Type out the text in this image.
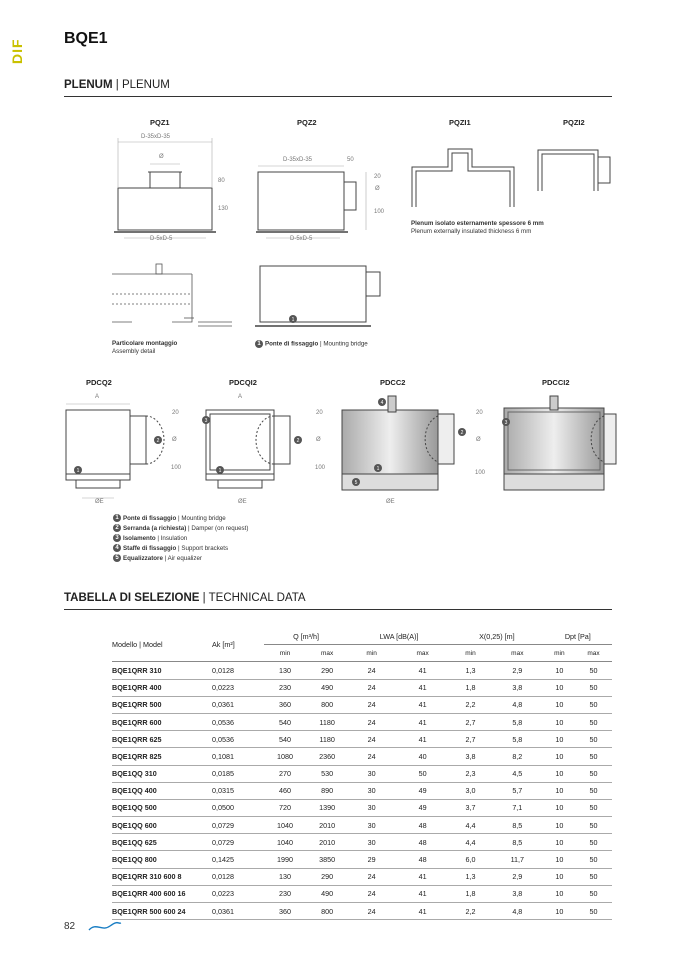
DIF BQE1
PLENUM | PLENUM
PQZ1	PQZ2	PQZI1	PQZI2
D-35xD-35
Ø
80
130
D-5xD-5
D-35xD-35	50
20
Ø
100
D-5xD-5
Plenum isolato esternamente spessore 6 mm
Plenum externally insulated thickness 6 mm
Particolare montaggio
Assembly detail
1
1 Ponte di fissaggio | Mounting bridge
PDCQ2	PDCQI2	PDCC2	PDCCI2
2
1
A
20
Ø
100
ØE
3
2
1
A
20
Ø
100
ØE
4
2
1
5
20
Ø
100
ØE
3
1 Ponte di fissaggio | Mounting bridge
2 Serranda (a richiesta) | Damper (on request)
3 Isolamento | Insulation
4 Staffe di fissaggio | Support brackets
5 Equalizzatore | Air equalizer
TABELLA DI SELEZIONE | TECHNICAL DATA
Modello | Model	Ak [m²]	Q [m³/h]		LWA [dB(A)]		X(0,25) [m]		Dpt [Pa]	
		min	max	min	max	min	max	min	max
BQE1QRR 310	0,0128	130	290	24	41	1,3	2,9	10	50
BQE1QRR 400	0,0223	230	490	24	41	1,8	3,8	10	50
BQE1QRR 500	0,0361	360	800	24	41	2,2	4,8	10	50
BQE1QRR 600	0,0536	540	1180	24	41	2,7	5,8	10	50
BQE1QRR 625	0,0536	540	1180	24	41	2,7	5,8	10	50
BQE1QRR 825	0,1081	1080	2360	24	40	3,8	8,2	10	50
BQE1QQ 310	0,0185	270	530	30	50	2,3	4,5	10	50
BQE1QQ 400	0,0315	460	890	30	49	3,0	5,7	10	50
BQE1QQ 500	0,0500	720	1390	30	49	3,7	7,1	10	50
BQE1QQ 600	0,0729	1040	2010	30	48	4,4	8,5	10	50
BQE1QQ 625	0,0729	1040	2010	30	48	4,4	8,5	10	50
BQE1QQ 800	0,1425	1990	3850	29	48	6,0	11,7	10	50
BQE1QRR 310 600 8	0,0128	130	290	24	41	1,3	2,9	10	50
BQE1QRR 400 600 16	0,0223	230	490	24	41	1,8	3,8	10	50
BQE1QRR 500 600 24	0,0361	360	800	24	41	2,2	4,8	10	50
82
